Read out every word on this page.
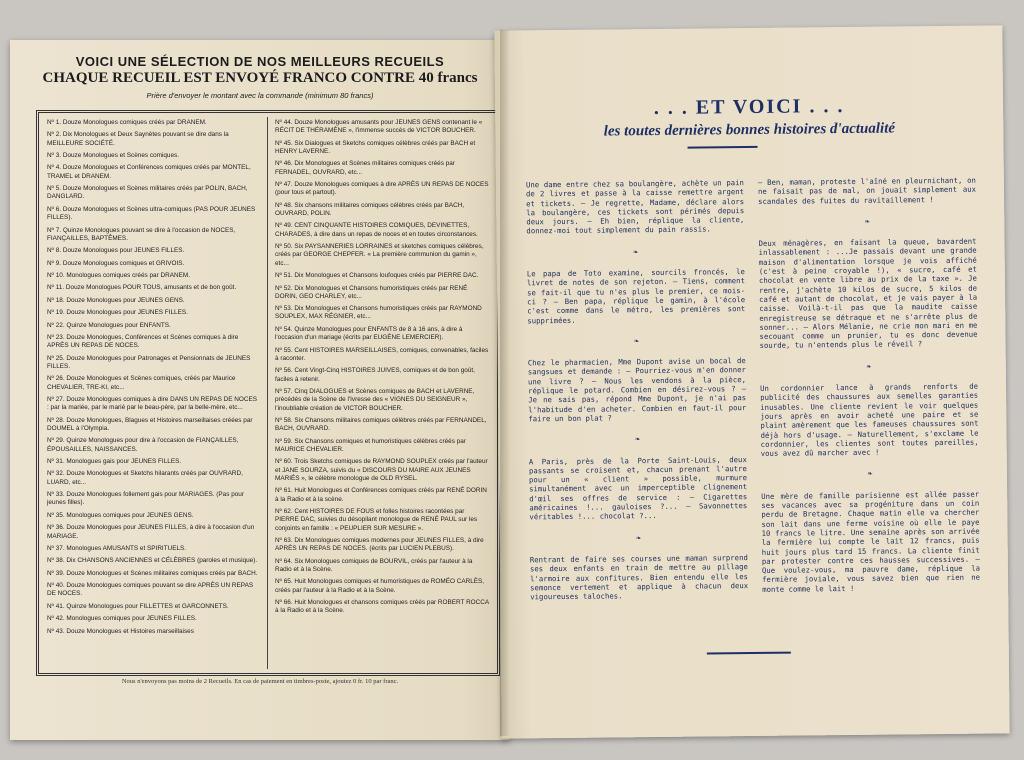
VOICI UNE SÉLECTION DE NOS MEILLEURS RECUEILS
CHAQUE RECUEIL EST ENVOYÉ FRANCO CONTRE 40 francs
Prière d'envoyer le montant avec la commande (minimum 80 francs)
Nº 1. Douze Monologues comiques créés par DRANEM.
Nº 2. Dix Monologues et Deux Saynètes pouvant se dire dans la MEILLEURE SOCIÉTÉ.
Nº 3. Douze Monologues et Scènes comiques.
Nº 4. Douze Monologues et Conférences comiques créés par MONTEL, TRAMEL et DRANEM.
Nº 5. Douze Monologues et Scènes militaires créés par POLIN, BACH, DANGLARD.
Nº 6. Douze Monologues et Scènes ultra-comiques (PAS POUR JEUNES FILLES).
Nº 7. Quinze Monologues pouvant se dire à l'occasion de NOCES, FIANÇAILLES, BAPTÊMES.
Nº 8. Douze Monologues pour JEUNES FILLES.
Nº 9. Douze Monologues comiques et GRIVOIS.
Nº 10. Monologues comiques créés par DRANEM.
Nº 11. Douze Monologues POUR TOUS, amusants et de bon goût.
Nº 18. Douze Monologues pour JEUNES GENS.
Nº 19. Douze Monologues pour JEUNES FILLES.
Nº 22. Quinze Monologues pour ENFANTS.
Nº 23. Douze Monologues, Conférences et Scènes comiques à dire APRÈS UN REPAS DE NOCES.
Nº 25. Douze Monologues pour Patronages et Pensionnats de JEUNES FILLES.
Nº 26. Douze Monologues et Scènes comiques, créés par Maurice CHEVALIER, TRE-KI, etc...
Nº 27. Douze Monologues comiques à dire DANS UN REPAS DE NOCES : par la mariée, par le marié par le beau-père, par la belle-mère, etc...
Nº 28. Douze Monologues, Blagues et Histoires marseillaises créées par DOUMEL à l'Olympia.
Nº 29. Quinze Monologues pour dire à l'occasion de FIANÇAILLES, ÉPOUSAILLES, NAISSANCES.
Nº 31. Monologues gais pour JEUNES FILLES.
Nº 32. Douze Monologues et Sketchs hilarants créés par OUVRARD, LUARD, etc...
Nº 33. Douze Monologues follement gais pour MARIAGES. (Pas pour jeunes filles).
Nº 35. Monologues comiques pour JEUNES GENS.
Nº 36. Douze Monologues pour JEUNES FILLES, à dire à l'occasion d'un MARIAGE.
Nº 37. Monologues AMUSANTS et SPIRITUELS.
Nº 38. Dix CHANSONS ANCIENNES et CÉLÈBRES (paroles et musique).
Nº 39. Douze Monologues et Scènes militaires comiques créés par BACH.
Nº 40. Douze Monologues comiques pouvant se dire APRÈS UN REPAS DE NOCES.
Nº 41. Quinze Monologues pour FILLETTES et GARCONNETS.
Nº 42. Monologues comiques pour JEUNES FILLES.
Nº 43. Douze Monologues et Histoires marseillaises
Nº 44. Douze Monologues amusants pour JEUNES GENS contenant le « RÉCIT DE THÉRAMÈNE », l'immense succès de VICTOR BOUCHER.
Nº 45. Six Dialogues et Sketchs comiques célèbres créés par BACH et HENRY LAVERNE.
Nº 46. Dix Monologues et Scènes militaires comiques créés par FERNADEL, OUVRARD, etc...
Nº 47. Douze Monologues comiques à dire APRÈS UN REPAS DE NOCES (pour tous et partout).
Nº 48. Six chansons militaires comiques célèbres créés par BACH, OUVRARD, POLIN.
Nº 49. CENT CINQUANTE HISTOIRES COMIQUES, DEVINETTES, CHARADES, à dire dans un repas de noces et en toutes circonstances.
Nº 50. Six PAYSANNERIES LORRAINES et sketches comiques célèbres, créés par GEORGE CHEPFER. « La première communion du gamin », etc...
Nº 51. Dix Monologues et Chansons loufoques créés par PIERRE DAC.
Nº 52. Dix Monologues et Chansons humoristiques créés par RENÉ DORIN, GEO CHARLEY, etc...
Nº 53. Dix Monologues et Chansons humoristiques créés par RAYMOND SOUPLEX, MAX RÉGNIER, etc...
Nº 54. Quinze Monologues pour ENFANTS de 8 à 16 ans, à dire à l'occasion d'un mariage (écrits par EUGÈNE LEMERCIER).
Nº 55. Cent HISTOIRES MARSEILLAISES, comiques, convenables, faciles à raconter.
Nº 56. Cent Vingt-Cinq HISTOIRES JUIVES, comiques et de bon goût, faciles à retenir.
Nº 57. Cinq DIALOGUES et Scènes comiques de BACH et LAVERNE, précédés de la Scène de l'Ivresse des « VIGNES DU SEIGNEUR », l'inoubliable création de VICTOR BOUCHER.
Nº 58. Six Chansons militaires comiques célèbres créés par FERNANDEL, BACH, OUVRARD.
Nº 59. Six Chansons comiques et humoristiques célèbres créés par MAURICE CHEVALIER.
Nº 60. Trois Sketchs comiques de RAYMOND SOUPLEX créés par l'auteur et JANE SOURZA, suivis du « DISCOURS DU MAIRE AUX JEUNES MARIÉS », le célèbre monologue de OLD RYSEL.
Nº 61. Huit Monologues et Conférences comiques créés par RENÉ DORIN à la Radio et à la scène.
Nº 62. Cent HISTOIRES DE FOUS et folles histoires racontées par PIERRE DAC, suivies du désopilant monologue de RENÉ PAUL sur les conjoints en famille : « PEUPLIER SUR MESURE ».
Nº 63. Dix Monologues comiques modernes pour JEUNES FILLES, à dire APRÈS UN REPAS DE NOCES. (écrits par LUCIEN PLEBUS).
Nº 64. Six Monologues comiques de BOURVIL, créés par l'auteur à la Radio et à la Scène.
Nº 65. Huit Monologues comiques et humoristiques de ROMÉO CARLÈS, créés par l'auteur à la Radio et à la Scène.
Nº 66. Huit Monologues et chansons comiques créés par ROBERT ROCCA à la Radio et à la Scène.
Nous n'envoyons pas moins de 2 Recueils. En cas de paiement en timbres-poste, ajoutez 0 fr. 10 par franc.
. . . ET VOICI . . .
les toutes dernières bonnes histoires d'actualité
Une dame entre chez sa boulangère, achète un pain de 2 livres et passe à la caisse remettre argent et tickets. — Je regrette, Madame, déclare alors la boulangère, ces tickets sont périmés depuis deux jours. — Eh bien, réplique la cliente, donnez-moi tout simplement du pain rassis.
❧
Le papa de Toto examine, sourcils froncés, le livret de notes de son rejeton. — Tiens, comment se fait-il que tu n'es plus le premier, ce mois-ci ? — Ben papa, réplique le gamin, à l'école c'est comme dans le métro, les premières sont supprimées.
❧
Chez le pharmacien, Mme Dupont avise un bocal de sangsues et demande : — Pourriez-vous m'en donner une livre ? — Nous les vendons à la pièce, réplique le potard. Combien en désirez-vous ? — Je ne sais pas, répond Mme Dupont, je n'ai pas l'habitude d'en acheter. Combien en faut-il pour faire un bon plat ?
❧
A Paris, près de la Porte Saint-Louis, deux passants se croisent et, chacun prenant l'autre pour un « client » possible, murmure simultanément avec un imperceptible clignement d'œil ses offres de service : — Cigarettes américaines !... gauloises ?... — Savonnettes véritables !... chocolat ?...
❧
Rentrant de faire ses courses une maman surprend ses deux enfants en train de mettre au pillage l'armoire aux confitures. Bien entendu elle les semonce vertement et applique à chacun deux vigoureuses taloches.
— Ben, maman, proteste l'aîné en pleurnichant, on ne faisait pas de mal, on jouait simplement aux scandales des fuites du ravitaillement !
❧
Deux ménagères, en faisant la queue, bavardent inlassablement : ...Je passais devant une grande maison d'alimentation lorsque je vois affiché (c'est à peine croyable !), « sucre, café et chocolat en vente libre au prix de la taxe ». Je rentre, j'achète 10 kilos de sucre, 5 kilos de café et autant de chocolat, et je vais payer à la caisse. Voilà-t-il pas que la maudite caisse enregistreuse se détraque et ne s'arrête plus de sonner... — Alors Mélanie, ne crie mon mari en me secouant comme un prunier, tu es donc devenue sourde, tu n'entends plus le réveil ?
❧
Un cordonnier lance à grands renforts de publicité des chaussures aux semelles garanties inusables. Une cliente revient le voir quelques jours après en avoir acheté une paire et se plaint amèrement que les fameuses chaussures sont déjà hors d'usage. — Naturellement, s'exclame le cordonnier, les clientes sont toutes pareilles, vous avez dû marcher avec !
❧
Une mère de famille parisienne est allée passer ses vacances avec sa progéniture dans un coin perdu de Bretagne. Chaque matin elle va chercher son lait dans une ferme voisine où elle le paye 10 francs le litre. Une semaine après son arrivée la fermière lui compte le lait 12 francs, puis huit jours plus tard 15 francs. La cliente finit par protester contre ces hausses successives. — Que voulez-vous, ma pauvre dame, réplique la fermière joviale, vous savez bien que rien ne monte comme le lait !
